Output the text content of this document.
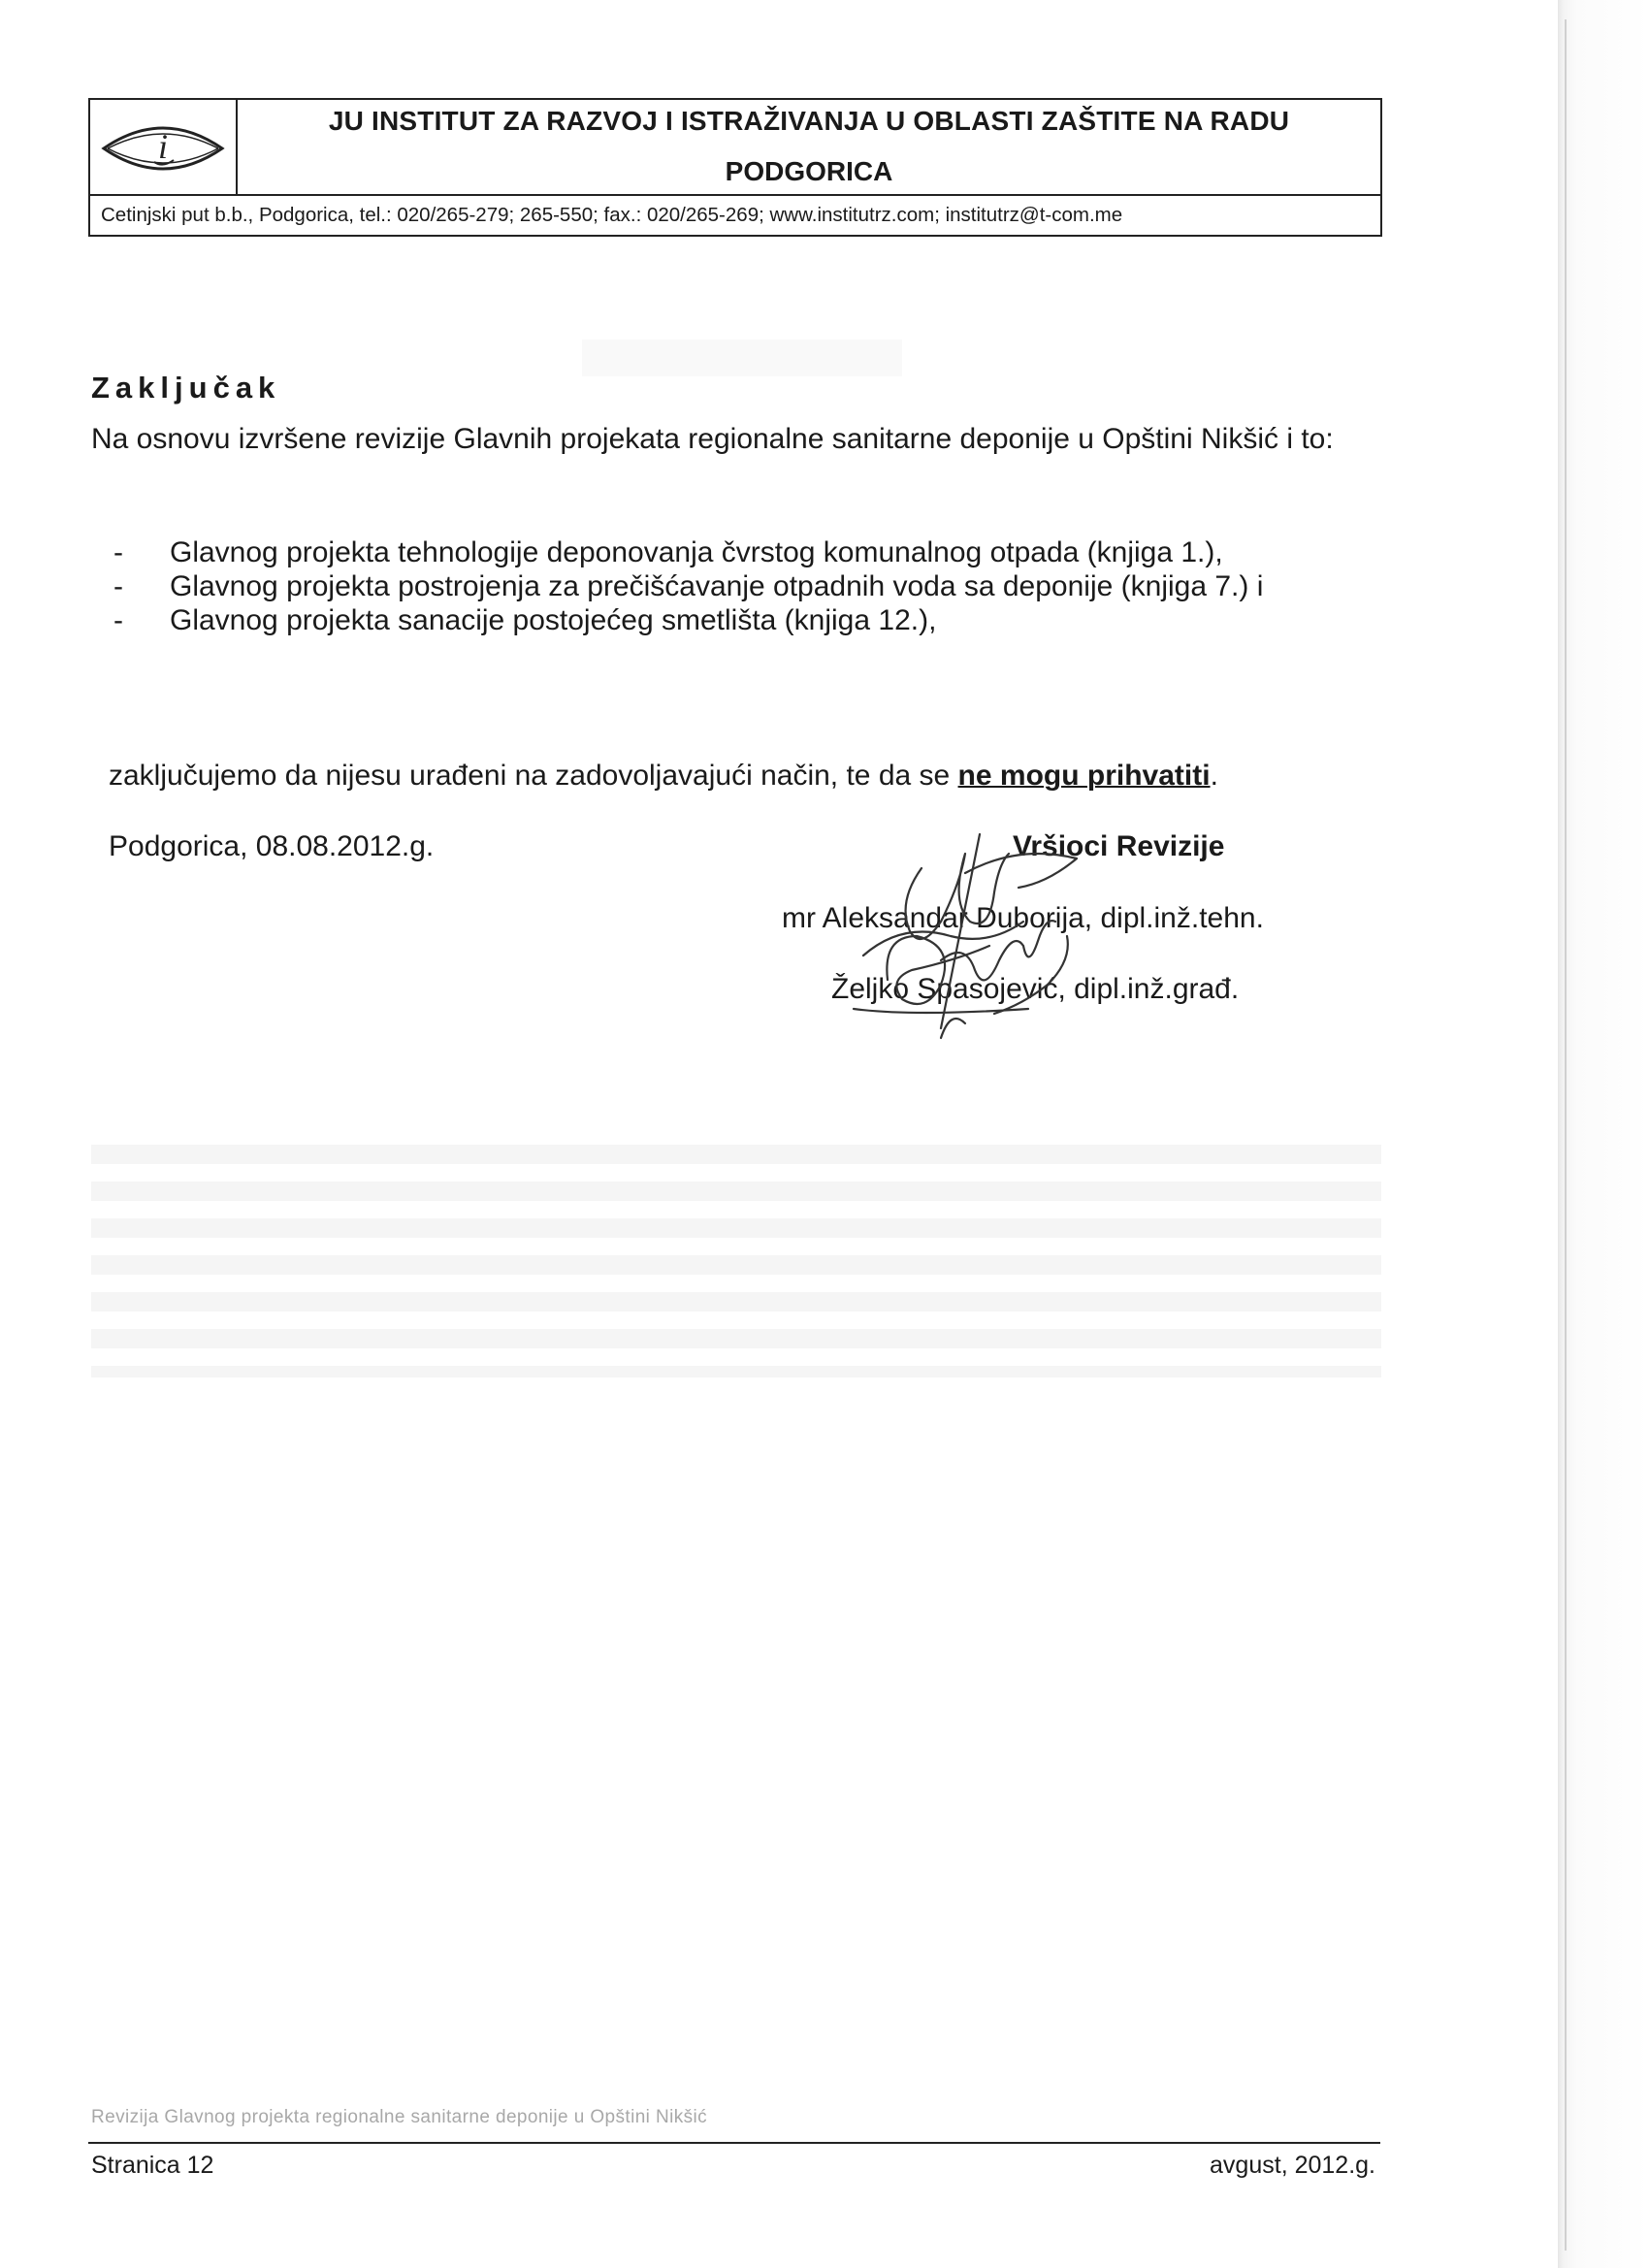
i
JU INSTITUT ZA RAZVOJ I ISTRAŽIVANJA U OBLASTI ZAŠTITE NA RADU
PODGORICA
Cetinjski put b.b., Podgorica, tel.: 020/265-279; 265-550; fax.: 020/265-269; www.institutrz.com; institutrz@t-com.me
Zaključak
Na osnovu izvršene revizije Glavnih projekata regionalne sanitarne deponije u Opštini Nikšić i to:
- Glavnog projekta tehnologije deponovanja čvrstog komunalnog otpada (knjiga 1.),
- Glavnog projekta postrojenja za prečišćavanje otpadnih voda sa deponije (knjiga 7.) i
- Glavnog projekta sanacije postojećeg smetlišta (knjiga 12.),
zaključujemo da nijesu urađeni na zadovoljavajući način, te da se ne mogu prihvatiti.
Podgorica, 08.08.2012.g.	Vršioci Revizije
mr Aleksandar Duborija, dipl.inž.tehn.
Željko Spasojević, dipl.inž.građ.
Revizija Glavnog projekta regionalne sanitarne deponije u Opštini Nikšić
Stranica 12	avgust, 2012.g.
